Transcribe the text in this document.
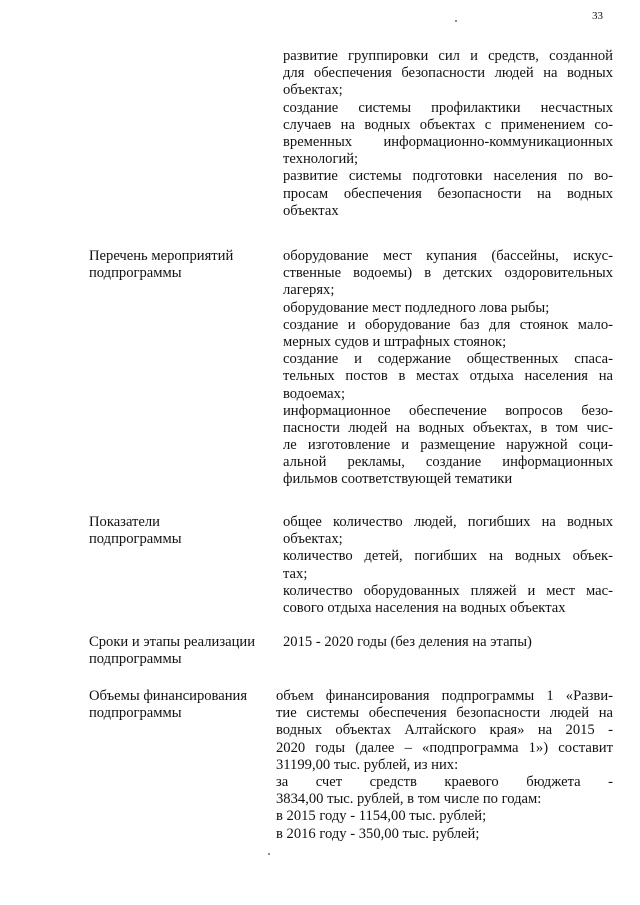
33
развитие группировки сил и средств, созданной
для обеспечения безопасности людей на водных
объектах;
создание системы профилактики несчастных
случаев на водных объектах с применением со-
временных информационно-коммуникационных
технологий;
развитие системы подготовки населения по во-
просам обеспечения безопасности на водных
объектах
Перечень мероприятий
подпрограммы
оборудование мест купания (бассейны, искус-
ственные водоемы) в детских оздоровительных
лагерях;
оборудование мест подледного лова рыбы;
создание и оборудование баз для стоянок мало-
мерных судов и штрафных стоянок;
создание и содержание общественных спаса-
тельных постов в местах отдыха населения на
водоемах;
информационное обеспечение вопросов безо-
пасности людей на водных объектах, в том чис-
ле изготовление и размещение наружной соци-
альной рекламы, создание информационных
фильмов соответствующей тематики
Показатели
подпрограммы
общее количество людей, погибших на водных
объектах;
количество детей, погибших на водных объек-
тах;
количество оборудованных пляжей и мест мас-
сового отдыха населения на водных объектах
Сроки и этапы реализации
подпрограммы
2015 - 2020 годы (без деления на этапы)
Объемы финансирования
подпрограммы
объем финансирования подпрограммы 1 «Разви-
тие системы обеспечения безопасности людей на
водных объектах Алтайского края» на 2015 -
2020 годы (далее – «подпрограмма 1») составит
31199,00 тыс. рублей, из них:
за счет средств краевого бюджета -
3834,00 тыс. рублей, в том числе по годам:
в 2015 году - 1154,00 тыс. рублей;
в 2016 году - 350,00 тыс. рублей;
